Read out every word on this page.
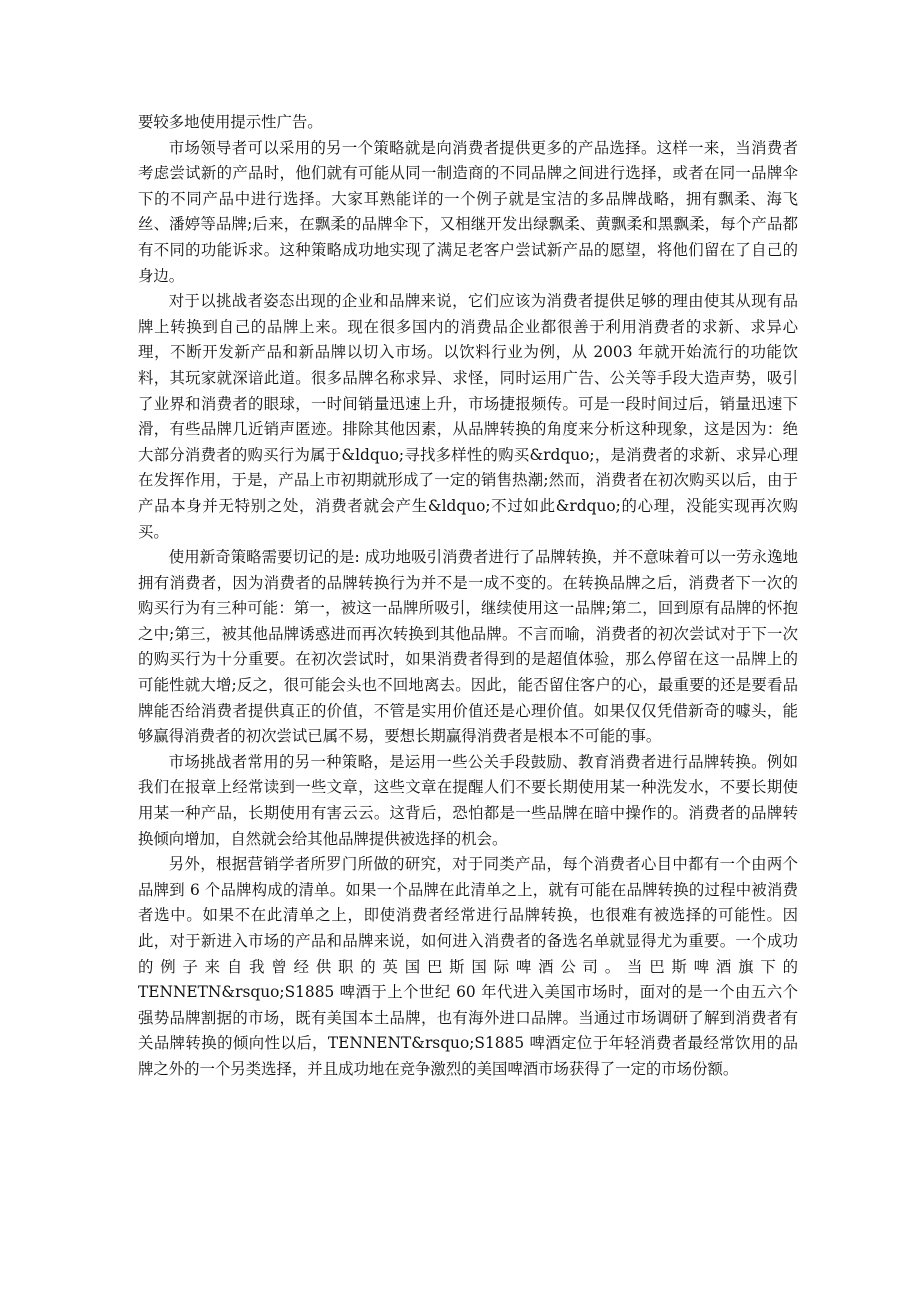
要较多地使用提示性广告。

市场领导者可以采用的另一个策略就是向消费者提供更多的产品选择。这样一来，当消费者考虑尝试新的产品时，他们就有可能从同一制造商的不同品牌之间进行选择，或者在同一品牌伞下的不同产品中进行选择。大家耳熟能详的一个例子就是宝洁的多品牌战略，拥有飘柔、海飞丝、潘婷等品牌;后来，在飘柔的品牌伞下，又相继开发出绿飘柔、黄飘柔和黑飘柔，每个产品都有不同的功能诉求。这种策略成功地实现了满足老客户尝试新产品的愿望，将他们留在了自己的身边。

对于以挑战者姿态出现的企业和品牌来说，它们应该为消费者提供足够的理由使其从现有品牌上转换到自己的品牌上来。现在很多国内的消费品企业都很善于利用消费者的求新、求异心理，不断开发新产品和新品牌以切入市场。以饮料行业为例，从 2003 年就开始流行的功能饮料，其玩家就深谙此道。很多品牌名称求异、求怪，同时运用广告、公关等手段大造声势，吸引了业界和消费者的眼球，一时间销量迅速上升，市场捷报频传。可是一段时间过后，销量迅速下滑，有些品牌几近销声匿迹。排除其他因素，从品牌转换的角度来分析这种现象，这是因为：绝大部分消费者的购买行为属于&ldquo;寻找多样性的购买&rdquo;，是消费者的求新、求异心理在发挥作用，于是，产品上市初期就形成了一定的销售热潮;然而，消费者在初次购买以后，由于产品本身并无特别之处，消费者就会产生&ldquo;不过如此&rdquo;的心理，没能实现再次购买。

使用新奇策略需要切记的是: 成功地吸引消费者进行了品牌转换，并不意味着可以一劳永逸地拥有消费者，因为消费者的品牌转换行为并不是一成不变的。在转换品牌之后，消费者下一次的购买行为有三种可能：第一，被这一品牌所吸引，继续使用这一品牌;第二，回到原有品牌的怀抱之中;第三，被其他品牌诱惑进而再次转换到其他品牌。不言而喻，消费者的初次尝试对于下一次的购买行为十分重要。在初次尝试时，如果消费者得到的是超值体验，那么停留在这一品牌上的可能性就大增;反之，很可能会头也不回地离去。因此，能否留住客户的心，最重要的还是要看品牌能否给消费者提供真正的价值，不管是实用价值还是心理价值。如果仅仅凭借新奇的噱头，能够赢得消费者的初次尝试已属不易，要想长期赢得消费者是根本不可能的事。

市场挑战者常用的另一种策略，是运用一些公关手段鼓励、教育消费者进行品牌转换。例如我们在报章上经常读到一些文章，这些文章在提醒人们不要长期使用某一种洗发水，不要长期使用某一种产品，长期使用有害云云。这背后，恐怕都是一些品牌在暗中操作的。消费者的品牌转换倾向增加，自然就会给其他品牌提供被选择的机会。

另外，根据营销学者所罗门所做的研究，对于同类产品，每个消费者心目中都有一个由两个品牌到 6 个品牌构成的清单。如果一个品牌在此清单之上，就有可能在品牌转换的过程中被消费者选中。如果不在此清单之上，即使消费者经常进行品牌转换，也很难有被选择的可能性。因此，对于新进入市场的产品和品牌来说，如何进入消费者的备选名单就显得尤为重要。一个成功的例子来自我曾经供职的英国巴斯国际啤酒公司。当巴斯啤酒旗下的 TENNETN&rsquo;S1885 啤酒于上个世纪 60 年代进入美国市场时，面对的是一个由五六个强势品牌割据的市场，既有美国本土品牌，也有海外进口品牌。当通过市场调研了解到消费者有关品牌转换的倾向性以后，TENNENT&rsquo;S1885 啤酒定位于年轻消费者最经常饮用的品牌之外的一个另类选择，并且成功地在竞争激烈的美国啤酒市场获得了一定的市场份额。
